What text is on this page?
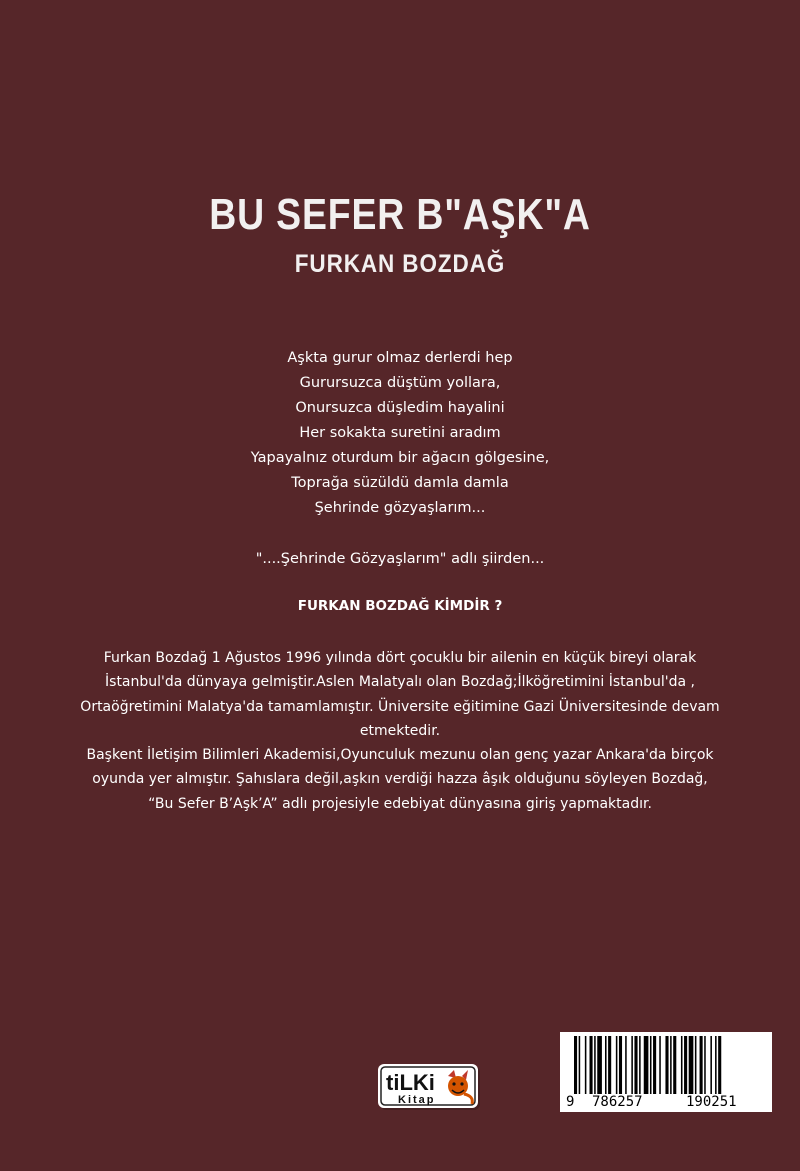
BU SEFER B"AŞK"A
FURKAN BOZDAĞ
Aşkta gurur olmaz derlerdi hep
Gurursuzca düştüm yollara,
Onursuzca düşledim hayalini
Her sokakta suretini aradım
Yapayalnız oturdum bir ağacın gölgesine,
Toprağa süzüldü damla damla
Şehrinde gözyaşlarım...
"....Şehrinde Gözyaşlarım" adlı şiirden...
FURKAN BOZDAĞ KİMDİR ?

Furkan Bozdağ 1 Ağustos 1996 yılında dört çocuklu bir ailenin en küçük bireyi olarak İstanbul'da dünyaya gelmiştir.Aslen Malatyalı olan Bozdağ;İlköğretimini İstanbul'da , Ortaöğretimini Malatya'da tamamlamıştır. Üniversite eğitimine Gazi Üniversitesinde devam etmektedir.

Başkent İletişim Bilimleri Akademisi,Oyunculuk mezunu olan genç yazar Ankara'da birçok oyunda yer almıştır. Şahıslara değil,aşkın verdiği hazza âşık olduğunu söyleyen Bozdağ, “Bu Sefer B’Aşk’A” adlı projesiyle edebiyat dünyasına giriş yapmaktadır.

tiLKi
Kitap	9 786257	190251
